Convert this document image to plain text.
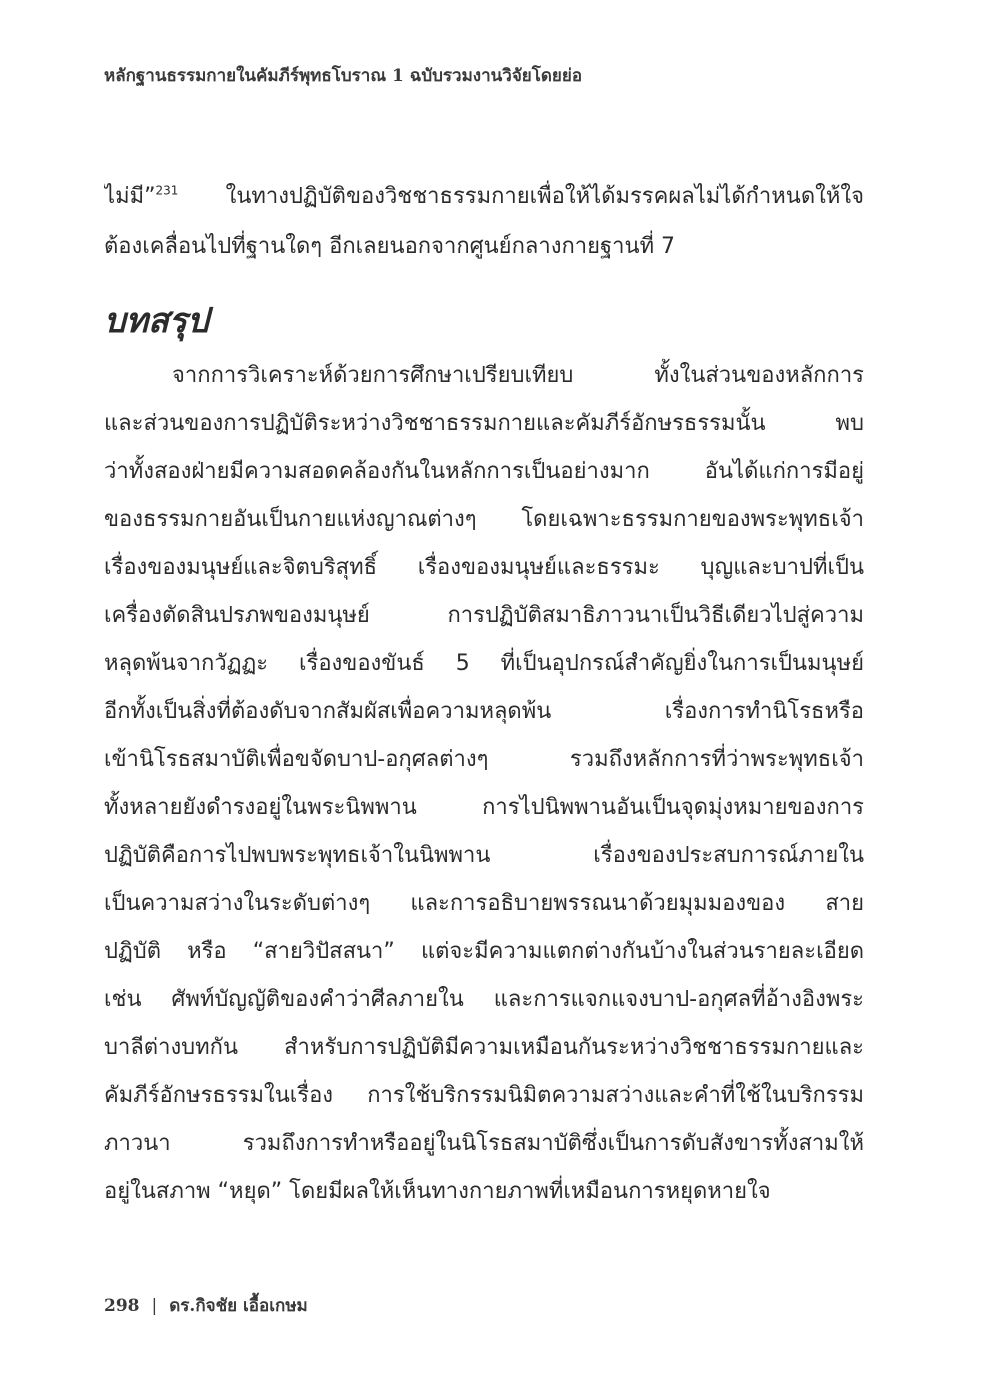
หลักฐานธรรมกายในคัมภีร์พุทธโบราณ 1 ฉบับรวมงานวิจัยโดยย่อ
ไม่มี”$^{231}$ ในทางปฏิบัติของวิชชาธรรมกายเพื่อให้ได้มรรคผลไม่ได้กำหนดให้ใจ
ต้องเคลื่อนไปที่ฐานใดๆ อีกเลยนอกจากศูนย์กลางกายฐานที่ 7
บทสรุป
จากการวิเคราะห์ด้วยการศึกษาเปรียบเทียบ ทั้งในส่วนของหลักการ
และส่วนของการปฏิบัติระหว่างวิชชาธรรมกายและคัมภีร์อักษรธรรมนั้น พบ
ว่าทั้งสองฝ่ายมีความสอดคล้องกันในหลักการเป็นอย่างมาก อันได้แก่การมีอยู่
ของธรรมกายอันเป็นกายแห่งญาณต่างๆ โดยเฉพาะธรรมกายของพระพุทธเจ้า
เรื่องของมนุษย์และจิตบริสุทธิ์ เรื่องของมนุษย์และธรรมะ บุญและบาปที่เป็น
เครื่องตัดสินปรภพของมนุษย์ การปฏิบัติสมาธิภาวนาเป็นวิธีเดียวไปสู่ความ
หลุดพ้นจากวัฏฏะ เรื่องของขันธ์ 5 ที่เป็นอุปกรณ์สำคัญยิ่งในการเป็นมนุษย์
อีกทั้งเป็นสิ่งที่ต้องดับจากสัมผัสเพื่อความหลุดพ้น เรื่องการทำนิโรธหรือ
เข้านิโรธสมาบัติเพื่อขจัดบาป-อกุศลต่างๆ รวมถึงหลักการที่ว่าพระพุทธเจ้า
ทั้งหลายยังดำรงอยู่ในพระนิพพาน การไปนิพพานอันเป็นจุดมุ่งหมายของการ
ปฏิบัติคือการไปพบพระพุทธเจ้าในนิพพาน เรื่องของประสบการณ์ภายใน
เป็นความสว่างในระดับต่างๆ และการอธิบายพรรณนาด้วยมุมมองของ สาย
ปฏิบัติ หรือ “สายวิปัสสนา” แต่จะมีความแตกต่างกันบ้างในส่วนรายละเอียด
เช่น ศัพท์บัญญัติของคำว่าศีลภายใน และการแจกแจงบาป-อกุศลที่อ้างอิงพระ
บาลีต่างบทกัน สำหรับการปฏิบัติมีความเหมือนกันระหว่างวิชชาธรรมกายและ
คัมภีร์อักษรธรรมในเรื่อง การใช้บริกรรมนิมิตความสว่างและคำที่ใช้ในบริกรรม
ภาวนา รวมถึงการทำหรืออยู่ในนิโรธสมาบัติซึ่งเป็นการดับสังขารทั้งสามให้
อยู่ในสภาพ “หยุด” โดยมีผลให้เห็นทางกายภาพที่เหมือนการหยุดหายใจ
298 | ดร.กิจชัย เอื้อเกษม
